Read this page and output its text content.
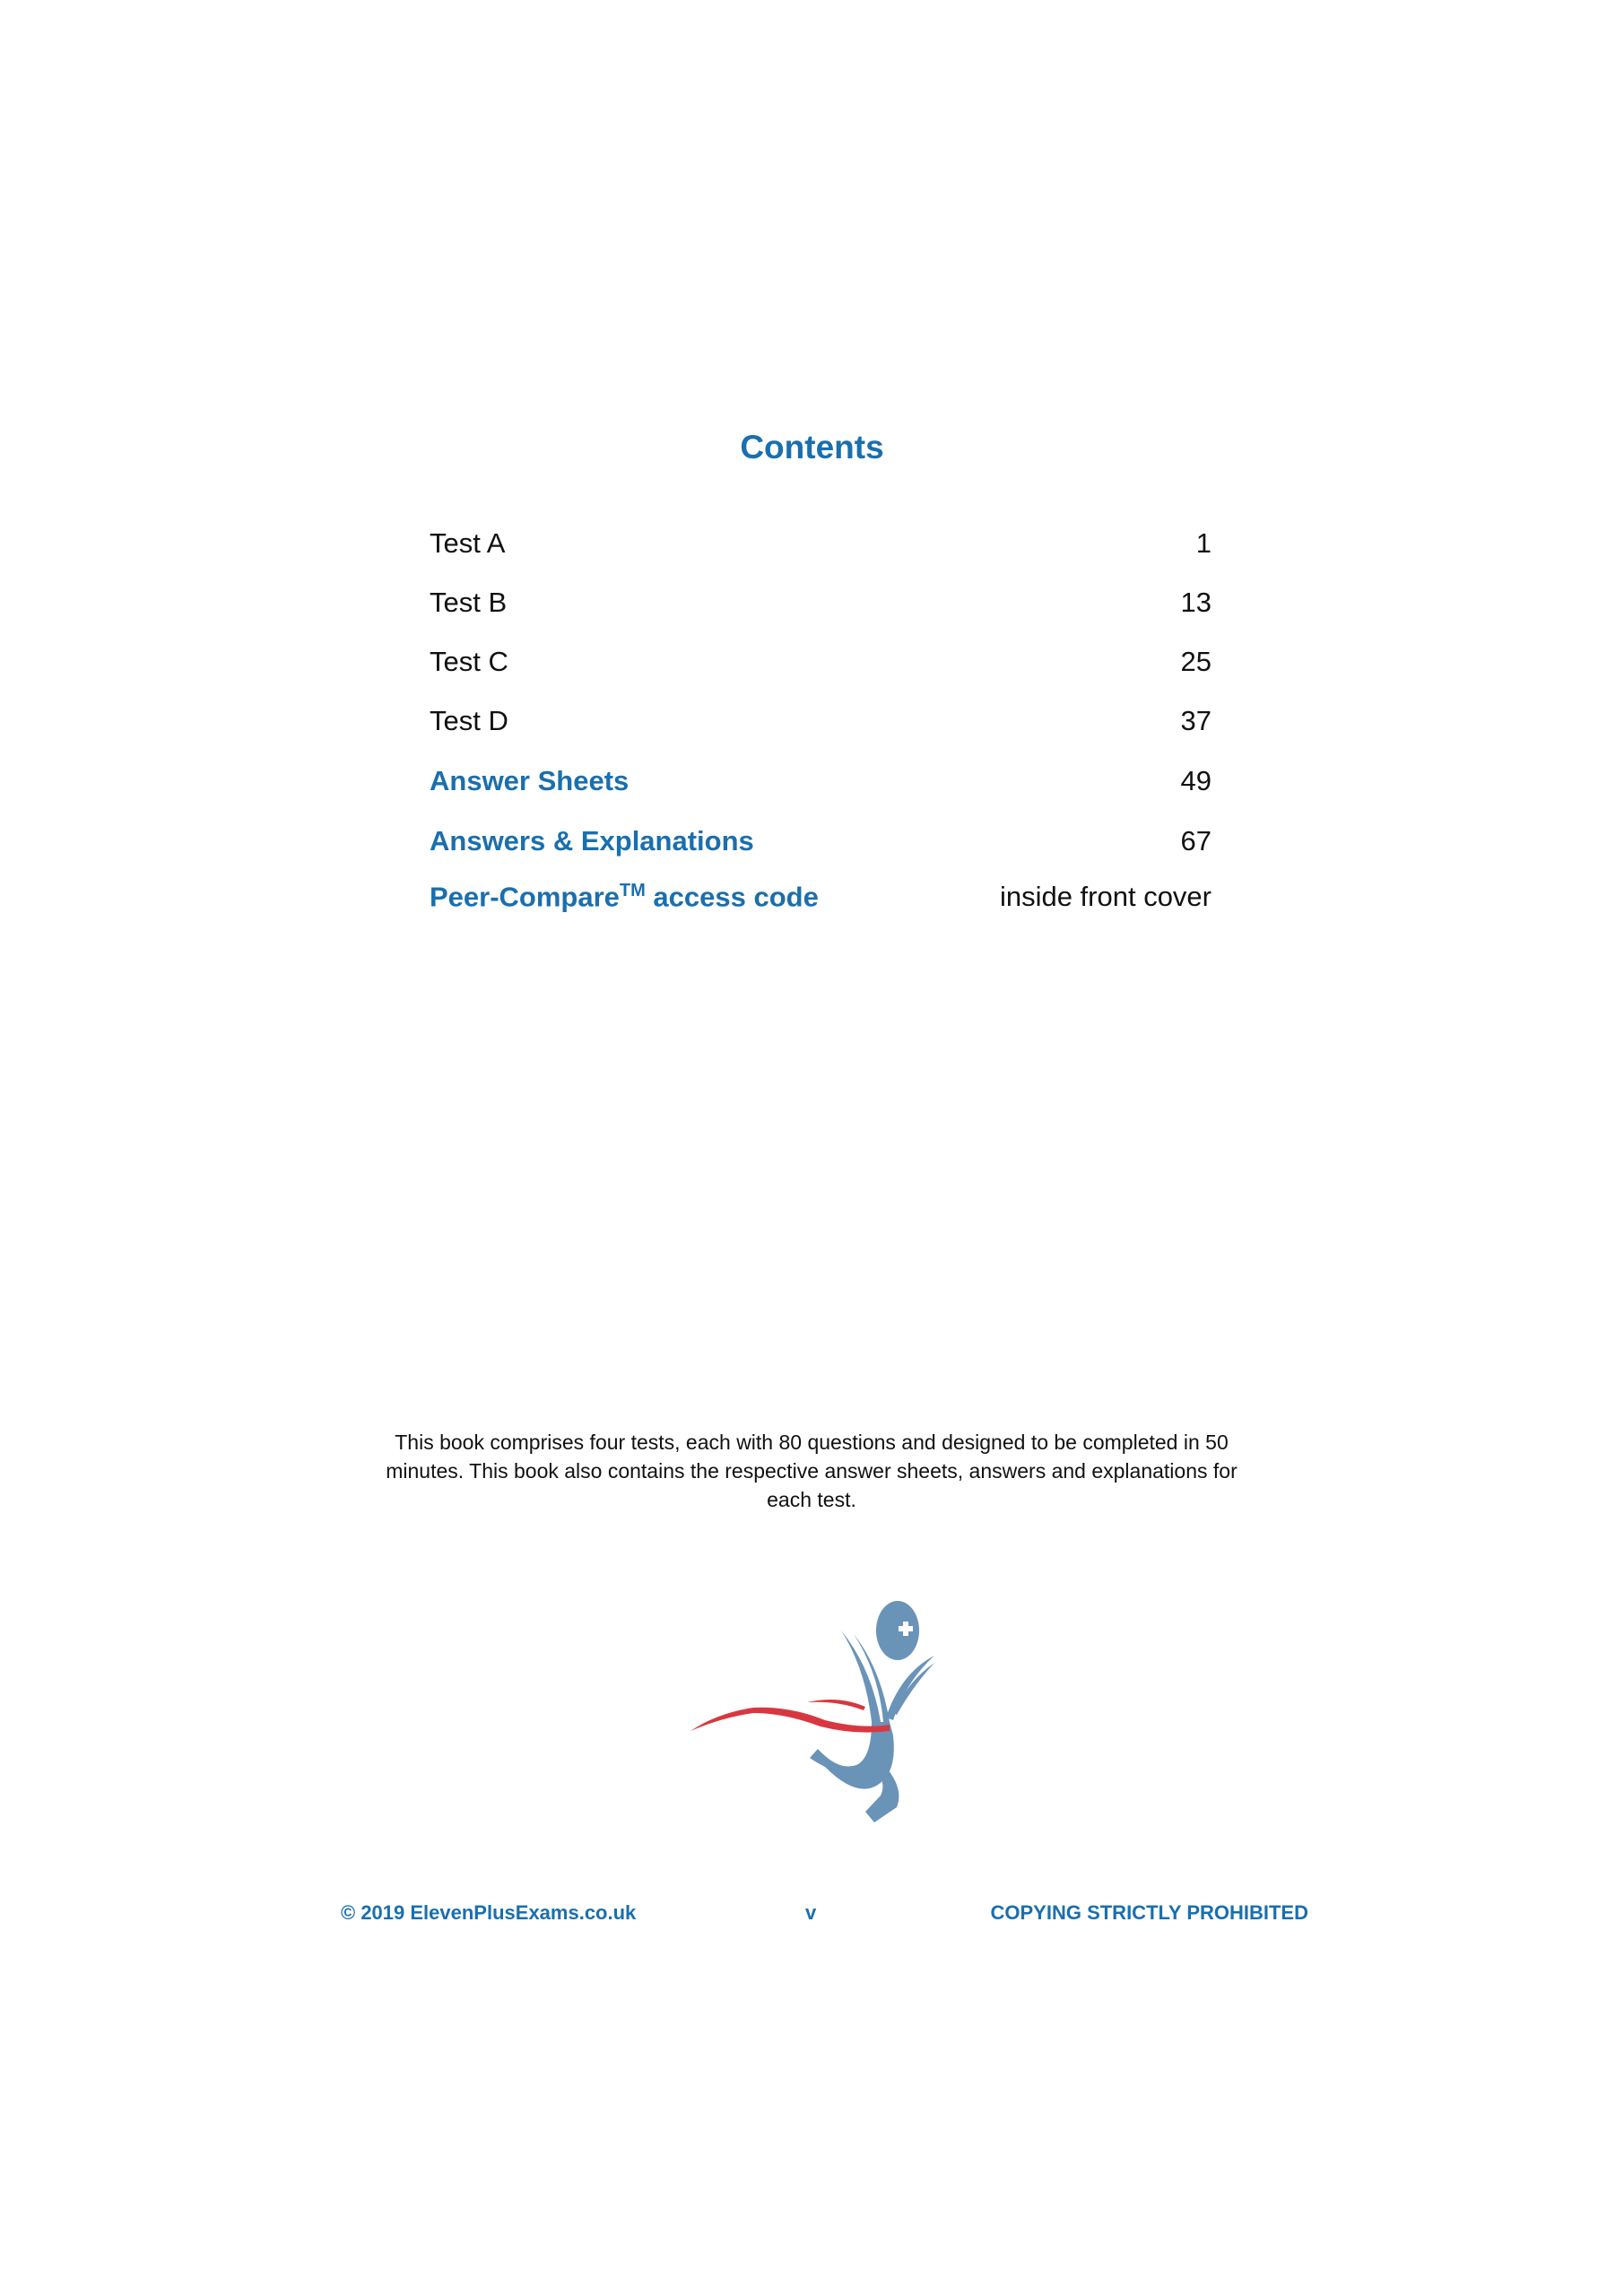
Contents
Test A	1
Test B	13
Test C	25
Test D	37
Answer Sheets	49
Answers & Explanations	67
Peer-Compare™ access code	inside front cover
This book comprises four tests, each with 80 questions and designed to be completed in 50 minutes. This book also contains the respective answer sheets, answers and explanations for each test.
© 2019 ElevenPlusExams.co.uk	v	COPYING STRICTLY PROHIBITED
